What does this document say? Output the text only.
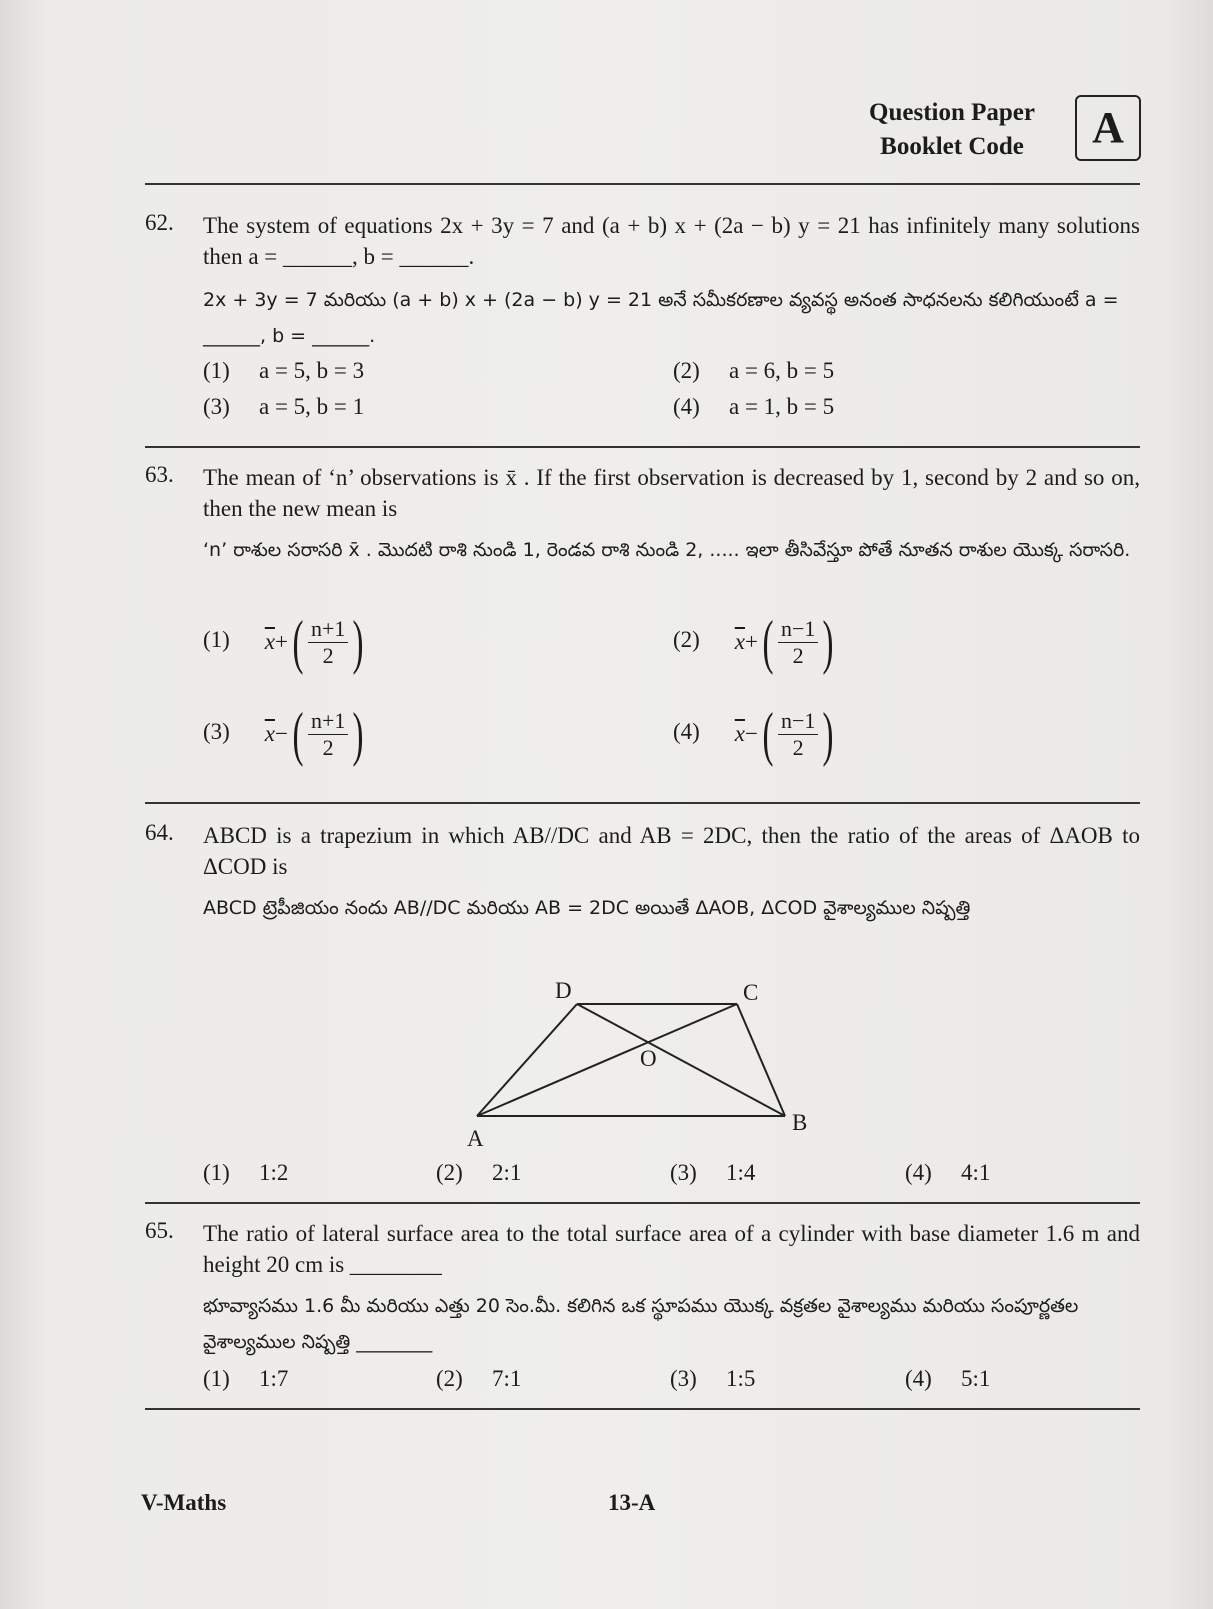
Question Paper
Booklet Code	A
62. The system of equations 2x + 3y = 7 and (a + b) x + (2a − b) y = 21 has infinitely many solutions then a = ______, b = ______.
2x + 3y = 7 మరియు (a + b) x + (2a − b) y = 21 అనే సమీకరణాల వ్యవస్థ అనంత సాధనలను కలిగియుంటే a = ______, b = ______.
(1) a = 5, b = 3	(2) a = 6, b = 5
(3) a = 5, b = 1	(4) a = 1, b = 5
63. The mean of ‘n’ observations is x̄ . If the first observation is decreased by 1, second by 2 and so on, then the new mean is
‘n’ రాశుల సరాసరి x̄ . మొదటి రాశి నుండి 1, రెండవ రాశి నుండి 2, ..... ఇలా తీసివేస్తూ పోతే నూతన రాశుల యొక్క సరాసరి.
(1) $\overline{x}$ + ( $\frac{n+1}{2}$ )	(2) $\overline{x}$ + ( $\frac{n-1}{2}$ )
(3) $\overline{x}$ − ( $\frac{n+1}{2}$ )	(4) $\overline{x}$ − ( $\frac{n-1}{2}$ )
64. ABCD is a trapezium in which AB//DC and AB = 2DC, then the ratio of the areas of ΔAOB to ΔCOD is
ABCD ట్రెపీజియం నందు AB//DC మరియు AB = 2DC అయితే ΔAOB, ΔCOD వైశాల్యముల నిష్పత్తి
D	C
O
A
B
(1) 1:2	(2) 2:1	(3) 1:4	(4) 4:1
65. The ratio of lateral surface area to the total surface area of a cylinder with base diameter 1.6 m and height 20 cm is ________
భూవ్యాసము 1.6 మీ మరియు ఎత్తు 20 సెం.మీ. కలిగిన ఒక స్థూపము యొక్క వక్రతల వైశాల్యము మరియు సంపూర్ణతల వైశాల్యముల నిష్పత్తి ________
(1) 1:7	(2) 7:1	(3) 1:5	(4) 5:1
V-Maths	13-A
